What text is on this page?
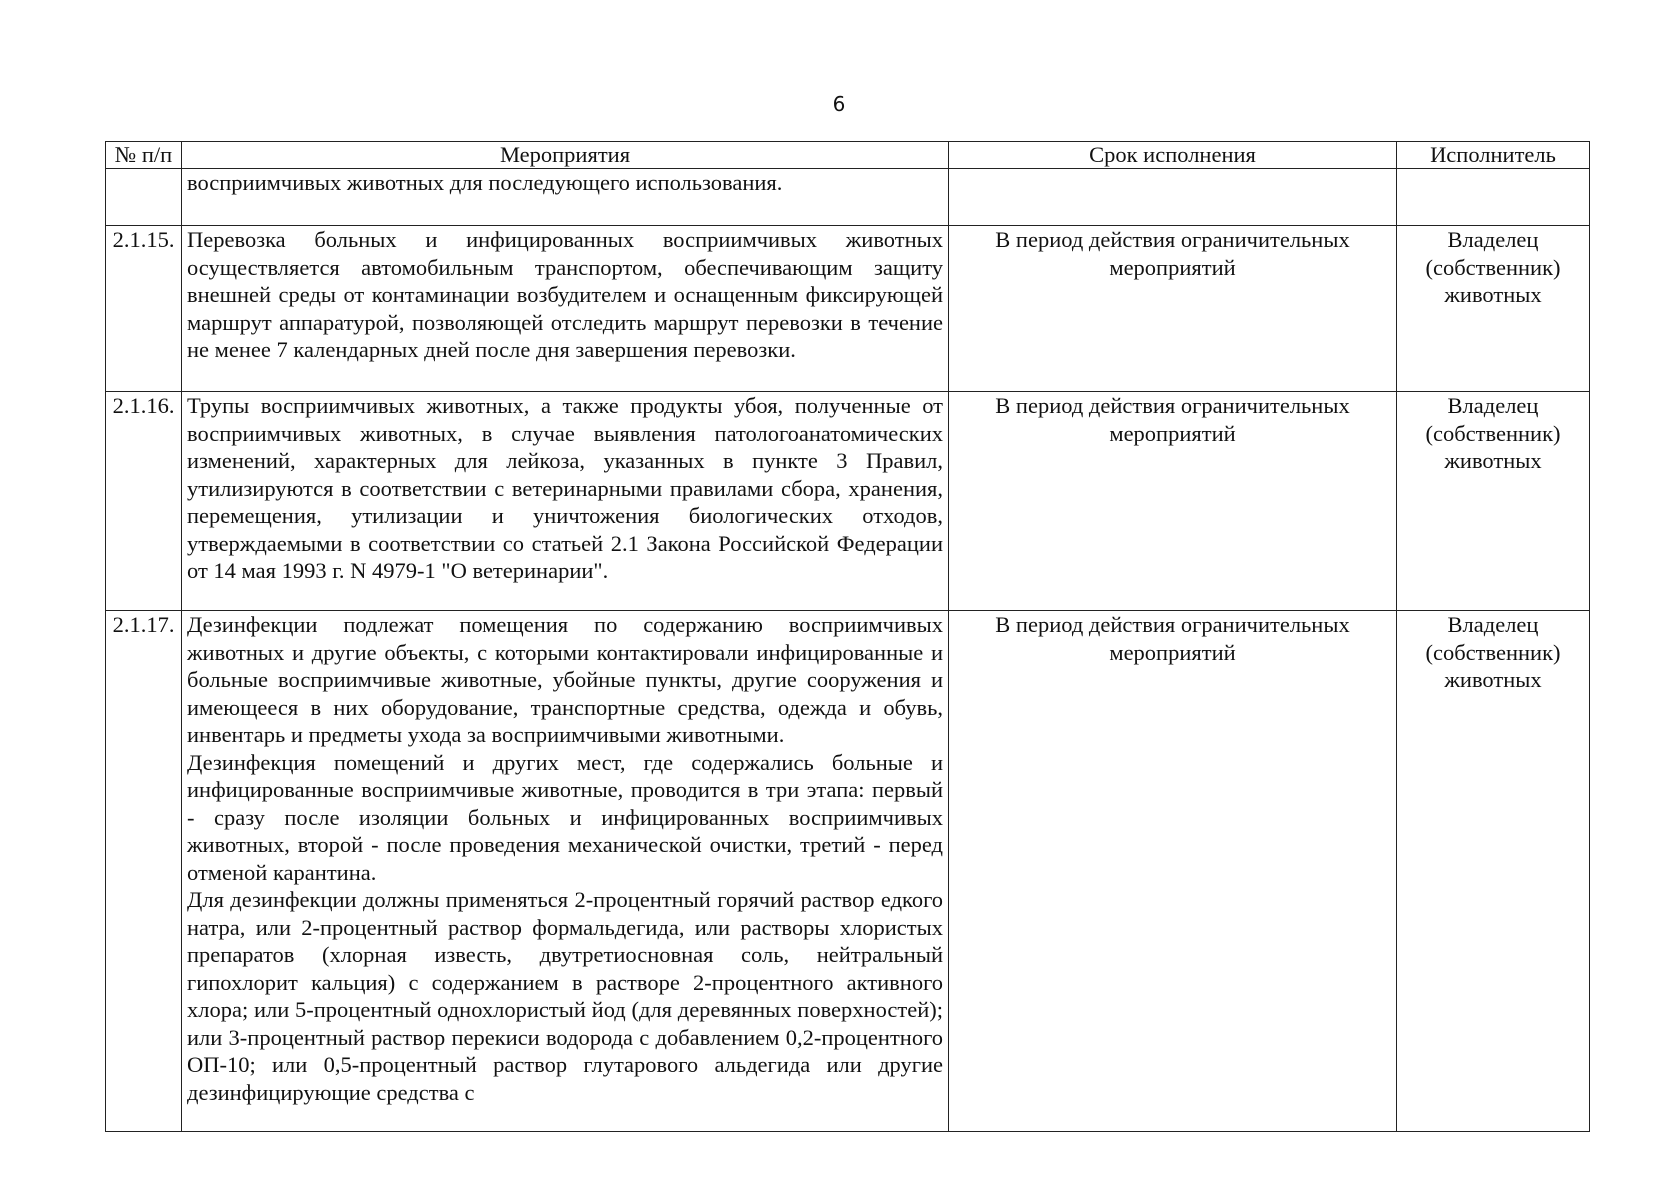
6
№ п/п	Мероприятия	Срок исполнения	Исполнитель
	восприимчивых животных для последующего использования.		
2.1.15.	Перевозка больных и инфицированных восприимчивых животных осуществляется автомобильным транспортом, обеспечивающим защиту внешней среды от контаминации возбудителем и оснащенным фиксирующей маршрут аппаратурой, позволяющей отследить маршрут перевозки в течение не менее 7 календарных дней после дня завершения перевозки.	В период действия ограничительных мероприятий	Владелец (собственник) животных
2.1.16.	Трупы восприимчивых животных, а также продукты убоя, полученные от восприимчивых животных, в случае выявления патологоанатомических изменений, характерных для лейкоза, указанных в пункте 3 Правил, утилизируются в соответствии с ветеринарными правилами сбора, хранения, перемещения, утилизации и уничтожения биологических отходов, утверждаемыми в соответствии со статьей 2.1 Закона Российской Федерации от 14 мая 1993 г. N 4979-1 "О ветеринарии".	В период действия ограничительных мероприятий	Владелец (собственник) животных
2.1.17.	Дезинфекции подлежат помещения по содержанию восприимчивых животных и другие объекты, с которыми контактировали инфицированные и больные восприимчивые животные, убойные пункты, другие сооружения и имеющееся в них оборудование, транспортные средства, одежда и обувь, инвентарь и предметы ухода за восприимчивыми животными.

Дезинфекция помещений и других мест, где содержались больные и инфицированные восприимчивые животные, проводится в три этапа: первый - сразу после изоляции больных и инфицированных восприимчивых животных, второй - после проведения механической очистки, третий - перед отменой карантина.

Для дезинфекции должны применяться 2-процентный горячий раствор едкого натра, или 2-процентный раствор формальдегида, или растворы хлористых препаратов (хлорная известь, двутретиосновная соль, нейтральный гипохлорит кальция) с содержанием в растворе 2-процентного активного хлора; или 5-процентный однохлористый йод (для деревянных поверхностей); или 3-процентный раствор перекиси водорода с добавлением 0,2-процентного ОП-10; или 0,5-процентный раствор глутарового альдегида или другие дезинфицирующие средства с	В период действия ограничительных мероприятий	Владелец (собственник) животных
